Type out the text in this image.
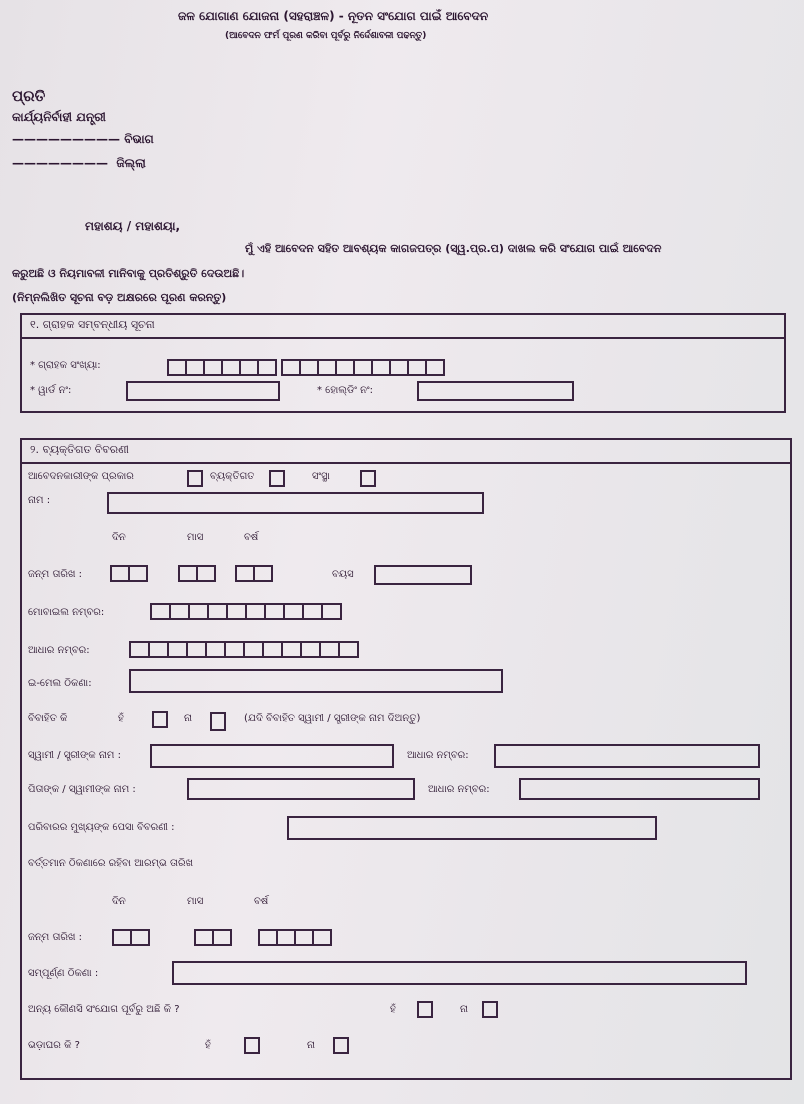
ଜଳ ଯୋଗାଣ ଯୋଜନା (ସହରାଞ୍ଚଳ) - ନୂତନ ସଂଯୋଗ ପାଇଁ ଆବେଦନ
(ଆବେଦନ ଫର୍ମ ପୂରଣ କରିବା ପୂର୍ବରୁ ନିର୍ଦ୍ଦେଶାବଳୀ ପଢନ୍ତୁ)
ପ୍ରତି
କାର୍ଯ୍ୟନିର୍ବାହୀ ଯନ୍ତ୍ରୀ
————————— ବିଭାଗ
————————  ଜିଲ୍ଲା
ମହାଶୟ / ମହାଶୟା,
ମୁଁ ଏହି ଆବେଦନ ସହିତ ଆବଶ୍ୟକ କାଗଜପତ୍ର (ସ୍ୱ.ପ୍ର.ପ) ଦାଖଲ କରି ସଂଯୋଗ ପାଇଁ ଆବେଦନ
କରୁଅଛି ଓ ନିୟମାବଳୀ ମାନିବାକୁ ପ୍ରତିଶ୍ରୁତି ଦେଉଅଛି।
(ନିମ୍ନଲିଖିତ ସୂଚନା ବଡ଼ ଅକ୍ଷରରେ ପୂରଣ କରନ୍ତୁ)
୧. ଗ୍ରାହକ ସମ୍ବନ୍ଧୀୟ ସୂଚନା
* ଗ୍ରାହକ ସଂଖ୍ୟା:
* ୱାର୍ଡ ନଂ:	* ହୋଲ୍ଡିଂ ନଂ:
୨. ବ୍ୟକ୍ତିଗତ ବିବରଣୀ
ଆବେଦନକାରୀଙ୍କ ପ୍ରକାର	ବ୍ୟକ୍ତିଗତ	ସଂସ୍ଥା
ନାମ :
ଦିନ	ମାସ	ବର୍ଷ
ଜନ୍ମ ତାରିଖ :	ବୟସ
ମୋବାଇଲ ନମ୍ବର:
ଆଧାର ନମ୍ବର:
ଇ-ମେଲ ଠିକଣା:
ବିବାହିତ କି	ହଁ	ନା	(ଯଦି ବିବାହିତ ସ୍ୱାମୀ / ସ୍ତ୍ରୀଙ୍କ ନାମ ଦିଅନ୍ତୁ)
ସ୍ୱାମୀ / ସ୍ତ୍ରୀଙ୍କ ନାମ :	ଆଧାର ନମ୍ବର:
ପିତାଙ୍କ / ସ୍ୱାମୀଙ୍କ ନାମ :	ଆଧାର ନମ୍ବର:
ପରିବାରର ମୁଖ୍ୟଙ୍କ ପେସା ବିବରଣୀ :
ବର୍ତ୍ତମାନ ଠିକଣାରେ ରହିବା ଆରମ୍ଭ ତାରିଖ
ଦିନ	ମାସ	ବର୍ଷ
ଜନ୍ମ ତାରିଖ :
ସମ୍ପୂର୍ଣ୍ଣ ଠିକଣା :
ଅନ୍ୟ କୌଣସି ସଂଯୋଗ ପୂର୍ବରୁ ଅଛି କି ?	ହଁ	ନା
ଭଡ଼ାଘର କି ?	ହଁ	ନା
